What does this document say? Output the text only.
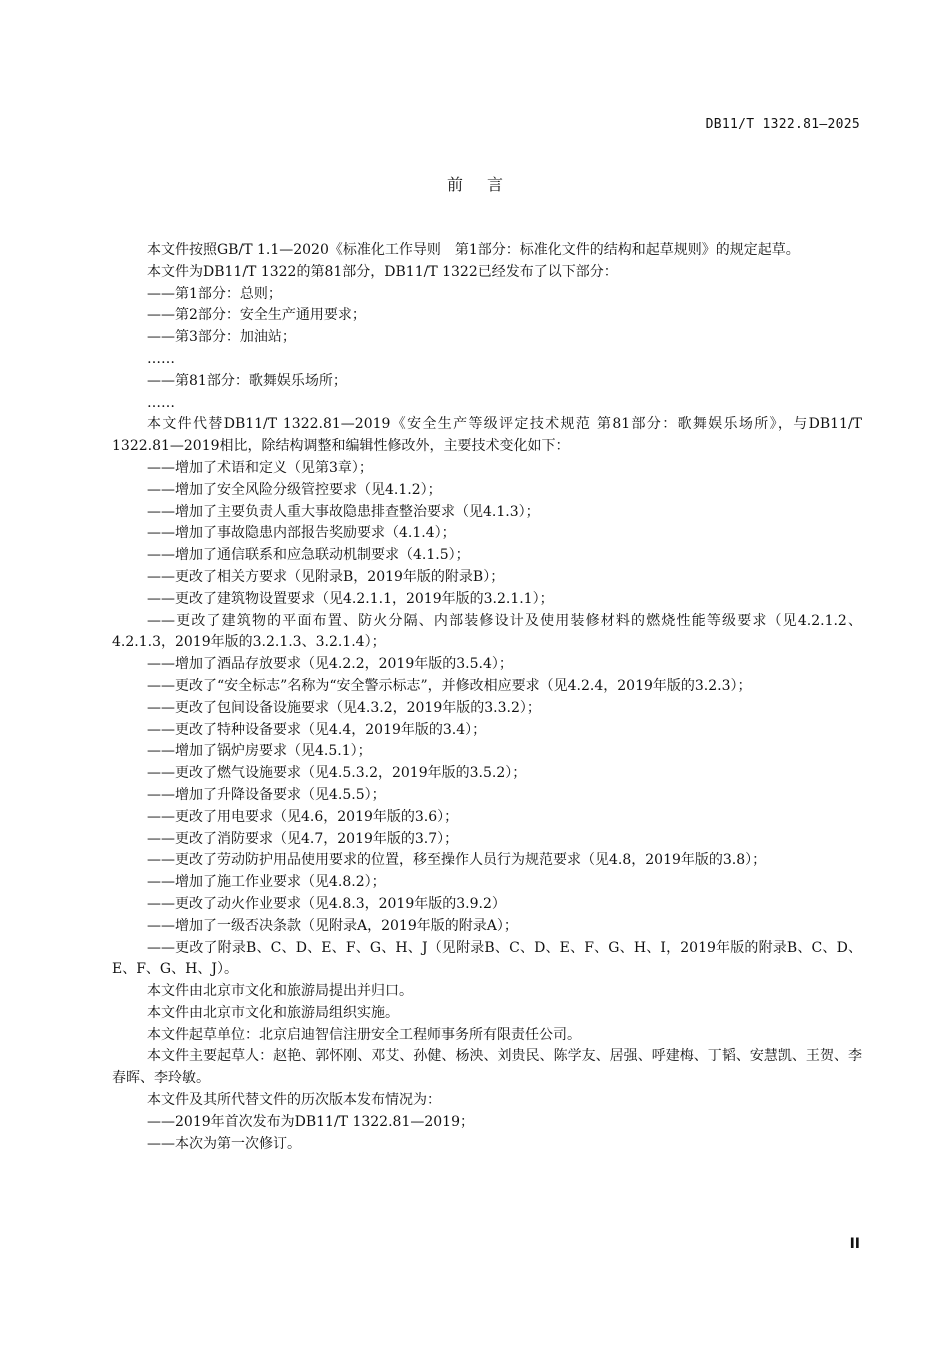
DB11/T 1322.81—2025
前言

本文件按照GB/T 1.1—2020《标准化工作导则　第1部分：标准化文件的结构和起草规则》的规定起草。

本文件为DB11/T 1322的第81部分，DB11/T 1322已经发布了以下部分：

——第1部分：总则；

——第2部分：安全生产通用要求；

——第3部分：加油站；

……

——第81部分：歌舞娱乐场所；

……

本文件代替DB11/T 1322.81—2019《安全生产等级评定技术规范 第81部分：歌舞娱乐场所》，与DB11/T 1322.81—2019相比，除结构调整和编辑性修改外，主要技术变化如下：

——增加了术语和定义（见第3章）；

——增加了安全风险分级管控要求（见4.1.2）；

——增加了主要负责人重大事故隐患排查整治要求（见4.1.3）；

——增加了事故隐患内部报告奖励要求（4.1.4）；

——增加了通信联系和应急联动机制要求（4.1.5）；

——更改了相关方要求（见附录B，2019年版的附录B）；

——更改了建筑物设置要求（见4.2.1.1，2019年版的3.2.1.1）；

——更改了建筑物的平面布置、防火分隔、内部装修设计及使用装修材料的燃烧性能等级要求（见4.2.1.2、4.2.1.3，2019年版的3.2.1.3、3.2.1.4）；

——增加了酒品存放要求（见4.2.2，2019年版的3.5.4）；

——更改了“安全标志”名称为“安全警示标志”，并修改相应要求（见4.2.4，2019年版的3.2.3）；

——更改了包间设备设施要求（见4.3.2，2019年版的3.3.2）；

——更改了特种设备要求（见4.4，2019年版的3.4）；

——增加了锅炉房要求（见4.5.1）；

——更改了燃气设施要求（见4.5.3.2，2019年版的3.5.2）；

——增加了升降设备要求（见4.5.5）；

——更改了用电要求（见4.6，2019年版的3.6）；

——更改了消防要求（见4.7，2019年版的3.7）；

——更改了劳动防护用品使用要求的位置，移至操作人员行为规范要求（见4.8，2019年版的3.8）；

——增加了施工作业要求（见4.8.2）；

——更改了动火作业要求（见4.8.3，2019年版的3.9.2）

——增加了一级否决条款（见附录A，2019年版的附录A）；

——更改了附录B、C、D、E、F、G、H、J（见附录B、C、D、E、F、G、H、I，2019年版的附录B、C、D、E、F、G、H、J）。

本文件由北京市文化和旅游局提出并归口。

本文件由北京市文化和旅游局组织实施。

本文件起草单位：北京启迪智信注册安全工程师事务所有限责任公司。

本文件主要起草人：赵艳、郭怀刚、邓艾、孙健、杨泱、刘贵民、陈学友、居强、呼建梅、丁韬、安慧凯、王贺、李春晖、李玲敏。

本文件及其所代替文件的历次版本发布情况为：

——2019年首次发布为DB11/T 1322.81—2019；

——本次为第一次修订。

II
